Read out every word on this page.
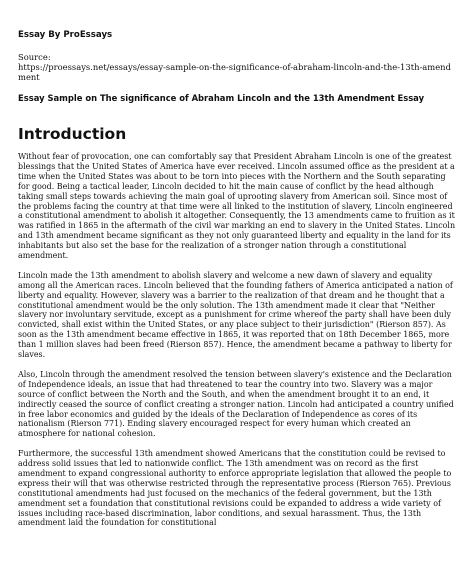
Essay By ProEssays
Source:
https://proessays.net/essays/essay-sample-on-the-significance-of-abraham-lincoln-and-the-13th-amendment
Essay Sample on The significance of Abraham Lincoln and the 13th Amendment Essay
Introduction

Without fear of provocation, one can comfortably say that President Abraham Lincoln is one of the greatest blessings that the United States of America have ever received. Lincoln assumed office as the president at a time when the United States was about to be torn into pieces with the Northern and the South separating for good. Being a tactical leader, Lincoln decided to hit the main cause of conflict by the head although taking small steps towards achieving the main goal of uprooting slavery from American soil. Since most of the problems facing the country at that time were all linked to the institution of slavery, Lincoln engineered a constitutional amendment to abolish it altogether. Consequently, the 13 amendments came to fruition as it was ratified in 1865 in the aftermath of the civil war marking an end to slavery in the United States. Lincoln and 13th amendment became significant as they not only guaranteed liberty and equality in the land for its inhabitants but also set the base for the realization of a stronger nation through a constitutional amendment.

Lincoln made the 13th amendment to abolish slavery and welcome a new dawn of slavery and equality among all the American races. Lincoln believed that the founding fathers of America anticipated a nation of liberty and equality. However, slavery was a barrier to the realization of that dream and he thought that a constitutional amendment would be the only solution. The 13th amendment made it clear that "Neither slavery nor involuntary servitude, except as a punishment for crime whereof the party shall have been duly convicted, shall exist within the United States, or any place subject to their jurisdiction" (Rierson 857). As soon as the 13th amendment became effective in 1865, it was reported that on 18th December 1865, more than 1 million slaves had been freed (Rierson 857). Hence, the amendment became a pathway to liberty for slaves.

Also, Lincoln through the amendment resolved the tension between slavery's existence and the Declaration of Independence ideals, an issue that had threatened to tear the country into two. Slavery was a major source of conflict between the North and the South, and when the amendment brought it to an end, it indirectly ceased the source of conflict creating a stronger nation. Lincoln had anticipated a country unified in free labor economics and guided by the ideals of the Declaration of Independence as cores of its nationalism (Rierson 771). Ending slavery encouraged respect for every human which created an atmosphere for national cohesion.

Furthermore, the successful 13th amendment showed Americans that the constitution could be revised to address solid issues that led to nationwide conflict. The 13th amendment was on record as the first amendment to expand congressional authority to enforce appropriate legislation that allowed the people to express their will that was otherwise restricted through the representative process (Rierson 765). Previous constitutional amendments had just focused on the mechanics of the federal government, but the 13th amendment set a foundation that constitutional revisions could be expanded to address a wide variety of issues including race-based discrimination, labor conditions, and sexual harassment. Thus, the 13th amendment laid the foundation for constitutional
